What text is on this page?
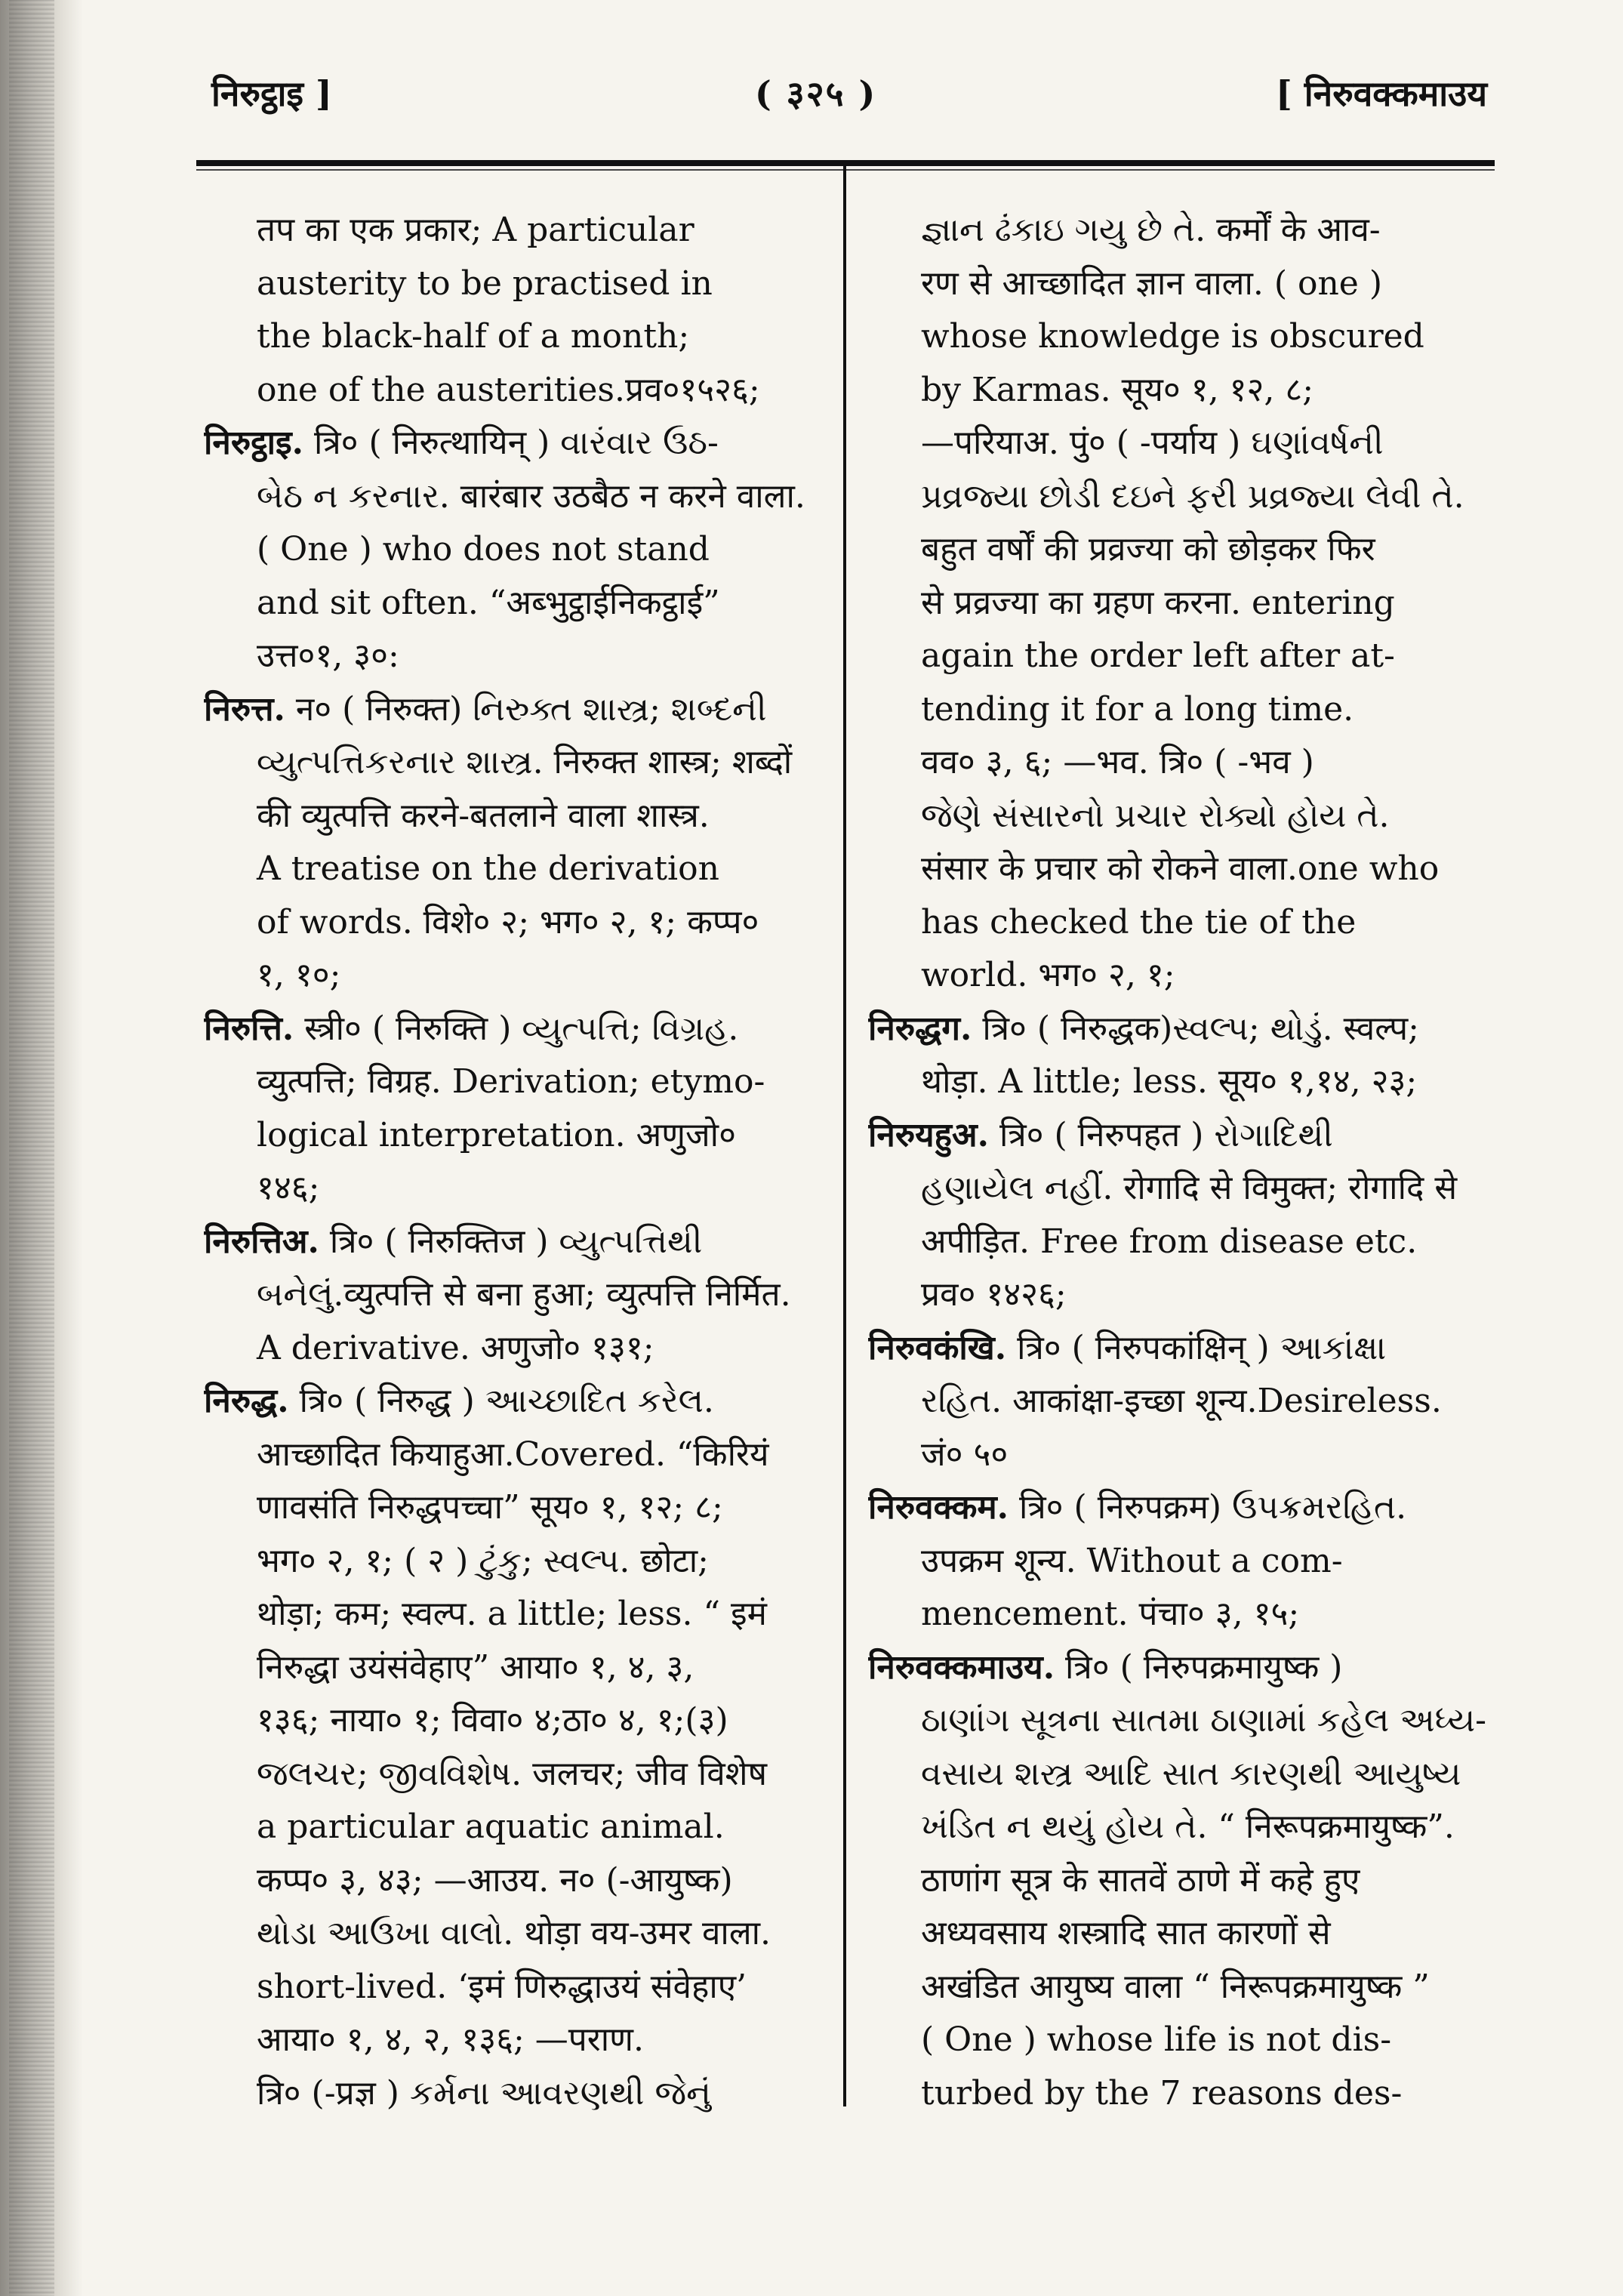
निरुट्ठाइ ]	( ३२५ )	[ निरुवक्कमाउय
तप का एक प्रकार; A particular
austerity to be practised in
the black-half of a month;
one of the austerities.प्रव०१५२६;
निरुट्ठाइ. त्रि० ( निरुत्थायिन् ) વારંવાર ઉઠ-
બેઠ ન કરનાર. बारंबार उठबैठ न करने वाला.
( One ) who does not stand
and sit often. “अब्भुट्ठाईनिकट्ठाई”
उत्त०१, ३०:
निरुत्त. न० ( निरुक्त) નિરુક્ત શાસ્ત્ર; શબ્દની
વ્યુત્પત્તિકરનાર શાસ્ત્ર. निरुक्त शास्त्र; शब्दों
की व्युत्पत्ति करने-बतलाने वाला शास्त्र.
A treatise on the derivation
of words. विशे० २; भग० २, १; कप्प०
१, १०;
निरुत्ति. स्त्री० ( निरुक्ति ) વ્યુત્પત્તિ; વિગ્રહ.
व्युत्पत्ति; विग्रह. Derivation; etymo-
logical interpretation. अणुजो०
१४६;
निरुत्तिअ. त्रि० ( निरुक्तिज ) વ્યુત્પત્તિથી
બનેલું.व्युत्पत्ति से बना हुआ; व्युत्पत्ति निर्मित.
A derivative. अणुजो० १३१;
निरुद्ध. त्रि० ( निरुद्ध ) આચ્છાદિત કરેલ.
आच्छादित कियाहुआ.Covered. “किरियं
णावसंति निरुद्धपच्चा” सूय० १, १२; ८;
भग० २, १; ( २ ) ટુંકુ; સ્વલ્પ. छोटा;
थोड़ा; कम; स्वल्प. a little; less. “ इमं
निरुद्धा उयंसंवेहाए” आया० १, ४, ३,
१३६; नाया० १; विवा० ४;ठा० ४, १;(३)
જલચર; જીવવિશેષ. जलचर; जीव विशेष
a particular aquatic animal.
कप्प० ३, ४३; —आउय. न० (-आयुष्क)
થોડા આઉખા વાલો. थोड़ा वय-उमर वाला.
short-lived. ‘इमं णिरुद्धाउयं संवेहाए’
आया० १, ४, २, १३६; —पराण.
त्रि० (-प्रज्ञ ) કર્મના આવરણથી જેનું
જ્ઞાન ઢંકાઇ ગયુ છે તે. कर्मों के आव-
रण से आच्छादित ज्ञान वाला. ( one )
whose knowledge is obscured
by Karmas. सूय० १, १२, ८;
—परियाअ. पुं० ( -पर्याय ) ઘણાંવર્ષની
પ્રવ્રજ્યા છોડી દઇને ફરી પ્રવ્રજ્યા લેવી તે.
बहुत वर्षों की प्रव्रज्या को छोड़कर फिर
से प्रव्रज्या का ग्रहण करना. entering
again the order left after at-
tending it for a long time.
वव० ३, ६; —भव. त्रि० ( -भव )
જેણે સંસારનો પ્રચાર રોક્યો હોય તે.
संसार के प्रचार को रोकने वाला.one who
has checked the tie of the
world. भग० २, १;
निरुद्धग. त्रि० ( निरुद्धक)સ્વલ્પ; થોડું. स्वल्प;
थोड़ा. A little; less. सूय० १,१४, २३;
निरुयहुअ. त्रि० ( निरुपहत ) રોગાદિથી
હણાયેલ નહીં. रोगादि से विमुक्त; रोगादि से
अपीड़ित. Free from disease etc.
प्रव० १४२६;
निरुवकंखि. त्रि० ( निरुपकांक्षिन् ) આકાંક્ષા
રહિત. आकांक्षा-इच्छा शून्य.Desireless.
जं० ५०
निरुवक्कम. त्रि० ( निरुपक्रम) ઉપક્રમરહિત.
उपक्रम शून्य. Without a com-
mencement. पंचा० ३, १५;
निरुवक्कमाउय. त्रि० ( निरुपक्रमायुष्क )
ઠાણાંગ સૂત્રના સાતમા ઠાણામાં કહેલ અધ્ય-
વસાય શસ્ત્ર આદિ સાત કારણથી આયુષ્ય
ખંડિત ન થયું હોય તે. “ निरूपक्रमायुष्क”.
ठाणांग सूत्र के सातवें ठाणे में कहे हुए
अध्यवसाय शस्त्रादि सात कारणों से
अखंडित आयुष्य वाला “ निरूपक्रमायुष्क ”
( One ) whose life is not dis-
turbed by the 7 reasons des-
